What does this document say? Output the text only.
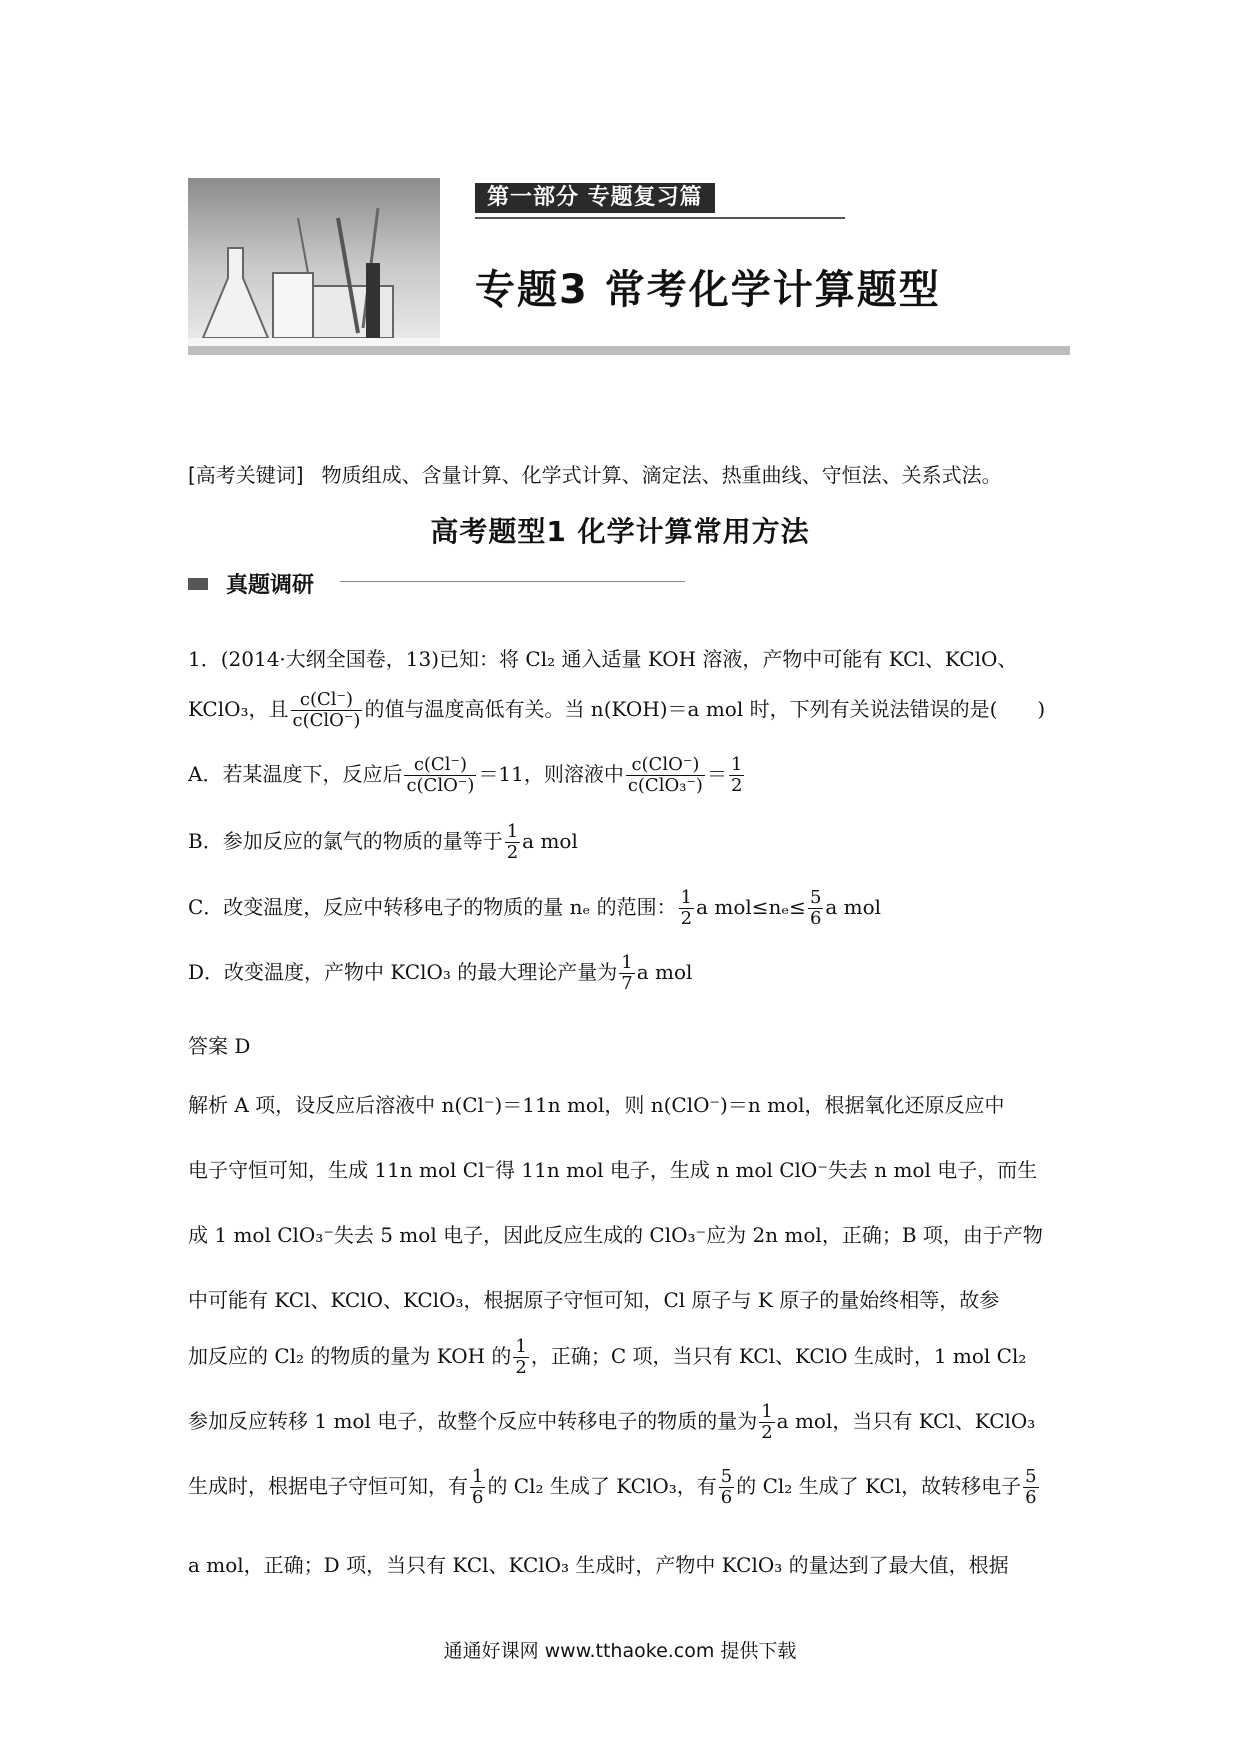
第一部分 专题复习篇
专题3 常考化学计算题型
[高考关键词] 物质组成、含量计算、化学式计算、滴定法、热重曲线、守恒法、关系式法。
高考题型1 化学计算常用方法
真题调研
1．(2014·大纲全国卷，13)已知：将 Cl₂ 通入适量 KOH 溶液，产物中可能有 KCl、KClO、
KClO₃，且 $\frac{c(Cl^-)}{\text{c(ClO⁻)}}$ 的值与温度高低有关。当 n(KOH)＝a mol 时，下列有关说法错误的是( )
A．若某温度下，反应后 $\frac{c(Cl^-)}{\text{c(ClO⁻)}} =11$，则溶液中 $\frac{\text{c(ClO⁻)}}{\text{c(ClO₃⁻)}} = \frac{1}{2}$
B．参加反应的氯气的物质的量等于 $\frac{1}{2}$ a mol
C．改变温度，反应中转移电子的物质的量 nₑ 的范围： $\frac{1}{2}$ a $mol\le n_e\le \frac{5}{6}$ a mol
D．改变温度，产物中 KClO₃ 的最大理论产量为 $\frac{1}{7}$ a mol
答案 D
解析 A 项，设反应后溶液中 n(Cl⁻)＝11n mol，则 n(ClO⁻)＝n mol，根据氧化还原反应中
电子守恒可知，生成 11n mol Cl⁻得 11n mol 电子，生成 n mol ClO⁻失去 n mol 电子，而生
成 1 mol ClO₃⁻失去 5 mol 电子，因此反应生成的 ClO₃⁻应为 2n mol，正确；B 项，由于产物
中可能有 KCl、KClO、KClO₃，根据原子守恒可知，Cl 原子与 K 原子的量始终相等，故参
加反应的 Cl₂ 的物质的量为 KOH 的 $\frac{1}{2}$ ，正确；C 项，当只有 KCl、KClO 生成时，1 mol Cl₂
参加反应转移 1 mol 电子，故整个反应中转移电子的物质的量为 $\frac{1}{2}$ a mol，当只有 KCl、KClO₃
生成时，根据电子守恒可知，有 $\frac{1}{6}$ 的 Cl₂ 生成了 KClO₃，有 $\frac{5}{6}$ 的 Cl₂ 生成了 KCl，故转移电子 $\frac{5}{6}$
a mol，正确；D 项，当只有 KCl、KClO₃ 生成时，产物中 KClO₃ 的量达到了最大值，根据
通通好课网 www.tthaoke.com 提供下载
